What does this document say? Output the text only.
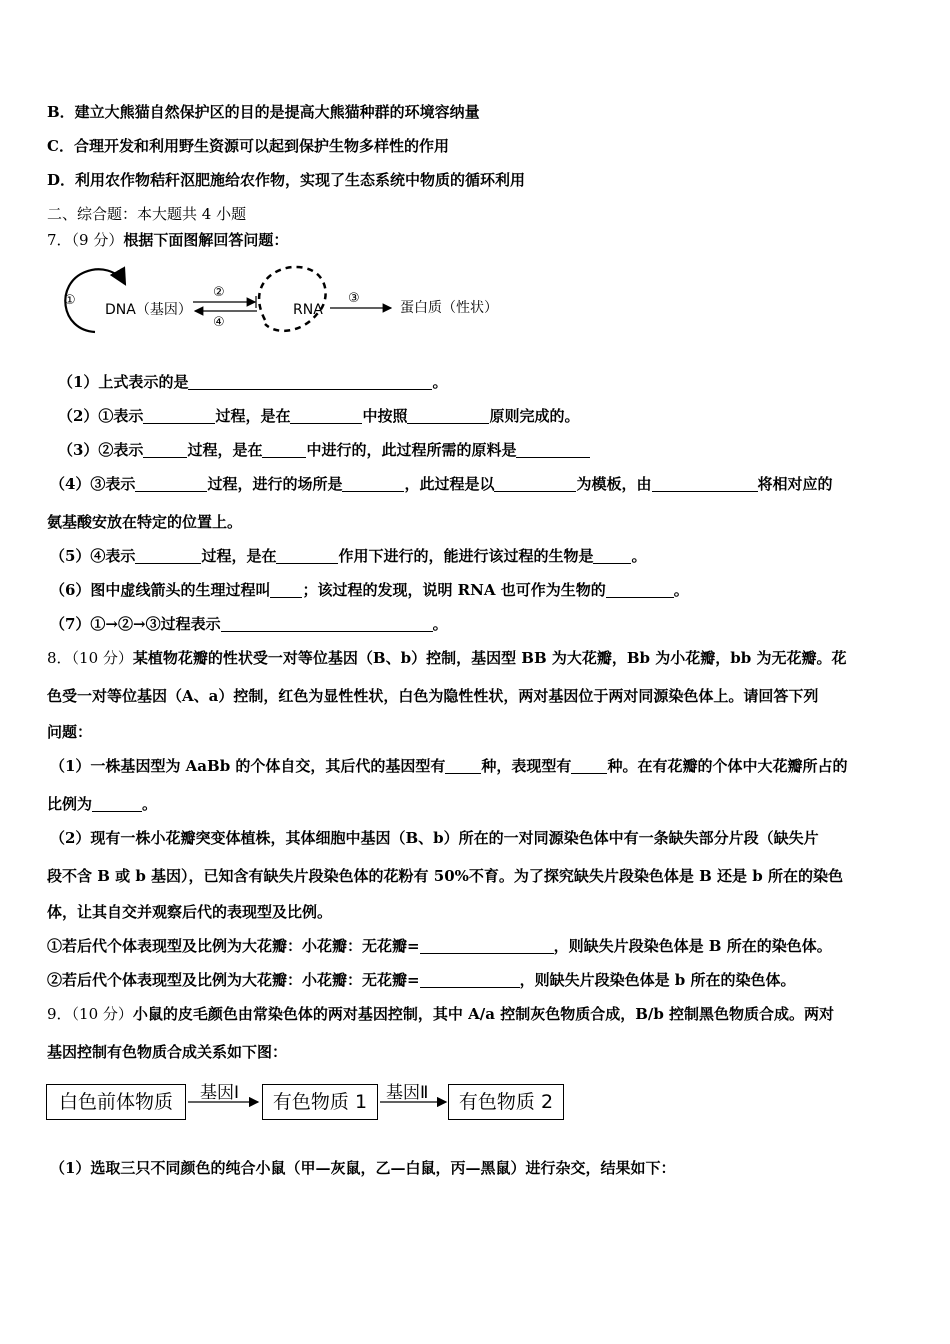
B．建立大熊猫自然保护区的目的是提高大熊猫种群的环境容纳量
C．合理开发和利用野生资源可以起到保护生物多样性的作用
D．利用农作物秸秆沤肥施给农作物，实现了生态系统中物质的循环利用
二、综合题：本大题共 4 小题
7．（9 分）根据下面图解回答问题：
①
DNA（基因）
②
④
RNA
③
蛋白质（性状）
（1）上式表示的是	。
（2）①表示	过程，是在	中按照	原则完成的。
（3）②表示	过程，是在	中进行的，此过程所需的原料是
（4）③表示	过程，进行的场所是	，此过程是以	为模板，由	将相对应的
氨基酸安放在特定的位置上。
（5）④表示	过程，是在	作用下进行的，能进行该过程的生物是	。
（6）图中虚线箭头的生理过程叫 ；该过程的发现，说明 RNA 也可作为生物的	。
（7）①→②→③过程表示	。
8．（10 分）某植物花瓣的性状受一对等位基因（B、b）控制，基因型 BB 为大花瓣，Bb 为小花瓣，bb 为无花瓣。花
色受一对等位基因（A、a）控制，红色为显性性状，白色为隐性性状，两对基因位于两对同源染色体上。请回答下列
问题：
（1）一株基因型为 AaBb 的个体自交，其后代的基因型有 种，表现型有 种。在有花瓣的个体中大花瓣所占的
比例为	。
（2）现有一株小花瓣突变体植株，其体细胞中基因（B、b）所在的一对同源染色体中有一条缺失部分片段（缺失片
段不含 B 或 b 基因），已知含有缺失片段染色体的花粉有 50%不育。为了探究缺失片段染色体是 B 还是 b 所在的染色
体，让其自交并观察后代的表现型及比例。
①若后代个体表现型及比例为大花瓣：小花瓣：无花瓣=	，则缺失片段染色体是 B 所在的染色体。
②若后代个体表现型及比例为大花瓣：小花瓣：无花瓣=	，则缺失片段染色体是 b 所在的染色体。
9．（10 分）小鼠的皮毛颜色由常染色体的两对基因控制，其中 A/a 控制灰色物质合成，B/b 控制黑色物质合成。两对
基因控制有色物质合成关系如下图：
白色前体物质	基因Ⅰ	有色物质 1	基因Ⅱ	有色物质 2
（1）选取三只不同颜色的纯合小鼠（甲—灰鼠，乙—白鼠，丙—黑鼠）进行杂交，结果如下：
